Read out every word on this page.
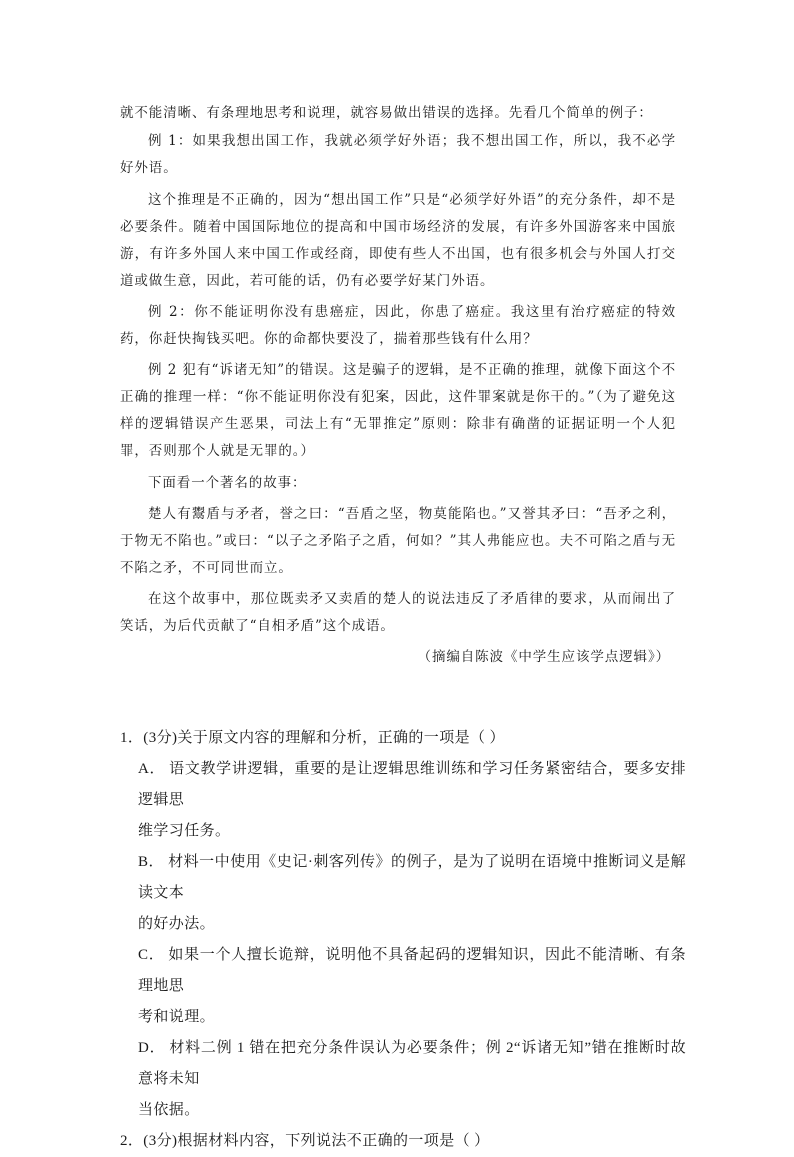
就不能清晰、有条理地思考和说理，就容易做出错误的选择。先看几个简单的例子：

例 1：如果我想出国工作，我就必须学好外语；我不想出国工作，所以，我不必学好外语。

这个推理是不正确的，因为“想出国工作”只是“必须学好外语”的充分条件，却不是必要条件。随着中国国际地位的提高和中国市场经济的发展，有许多外国游客来中国旅游，有许多外国人来中国工作或经商，即使有些人不出国，也有很多机会与外国人打交道或做生意，因此，若可能的话，仍有必要学好某门外语。

例 2：你不能证明你没有患癌症，因此，你患了癌症。我这里有治疗癌症的特效药，你赶快掏钱买吧。你的命都快要没了，揣着那些钱有什么用？

例 2 犯有“诉诸无知”的错误。这是骗子的逻辑，是不正确的推理，就像下面这个不正确的推理一样：“你不能证明你没有犯案，因此，这件罪案就是你干的。”（为了避免这样的逻辑错误产生恶果，司法上有“无罪推定”原则：除非有确凿的证据证明一个人犯罪，否则那个人就是无罪的。）

下面看一个著名的故事：

楚人有鬻盾与矛者，誉之曰：“吾盾之坚，物莫能陷也。”又誉其矛曰：“吾矛之利，于物无不陷也。”或曰：“以子之矛陷子之盾，何如？”其人弗能应也。夫不可陷之盾与无不陷之矛，不可同世而立。

在这个故事中，那位既卖矛又卖盾的楚人的说法违反了矛盾律的要求，从而闹出了笑话，为后代贡献了“自相矛盾”这个成语。

（摘编自陈波《中学生应该学点逻辑》）

1．(3分)关于原文内容的理解和分析，正确的一项是（ ）

A． 语文教学讲逻辑，重要的是让逻辑思维训练和学习任务紧密结合，要多安排逻辑思

维学习任务。

B． 材料一中使用《史记·刺客列传》的例子，是为了说明在语境中推断词义是解读文本

的好办法。

C． 如果一个人擅长诡辩，说明他不具备起码的逻辑知识，因此不能清晰、有条理地思

考和说理。

D． 材料二例 1 错在把充分条件误认为必要条件；例 2“诉诸无知”错在推断时故意将未知

当依据。

2．(3分)根据材料内容，下列说法不正确的一项是（ ）
